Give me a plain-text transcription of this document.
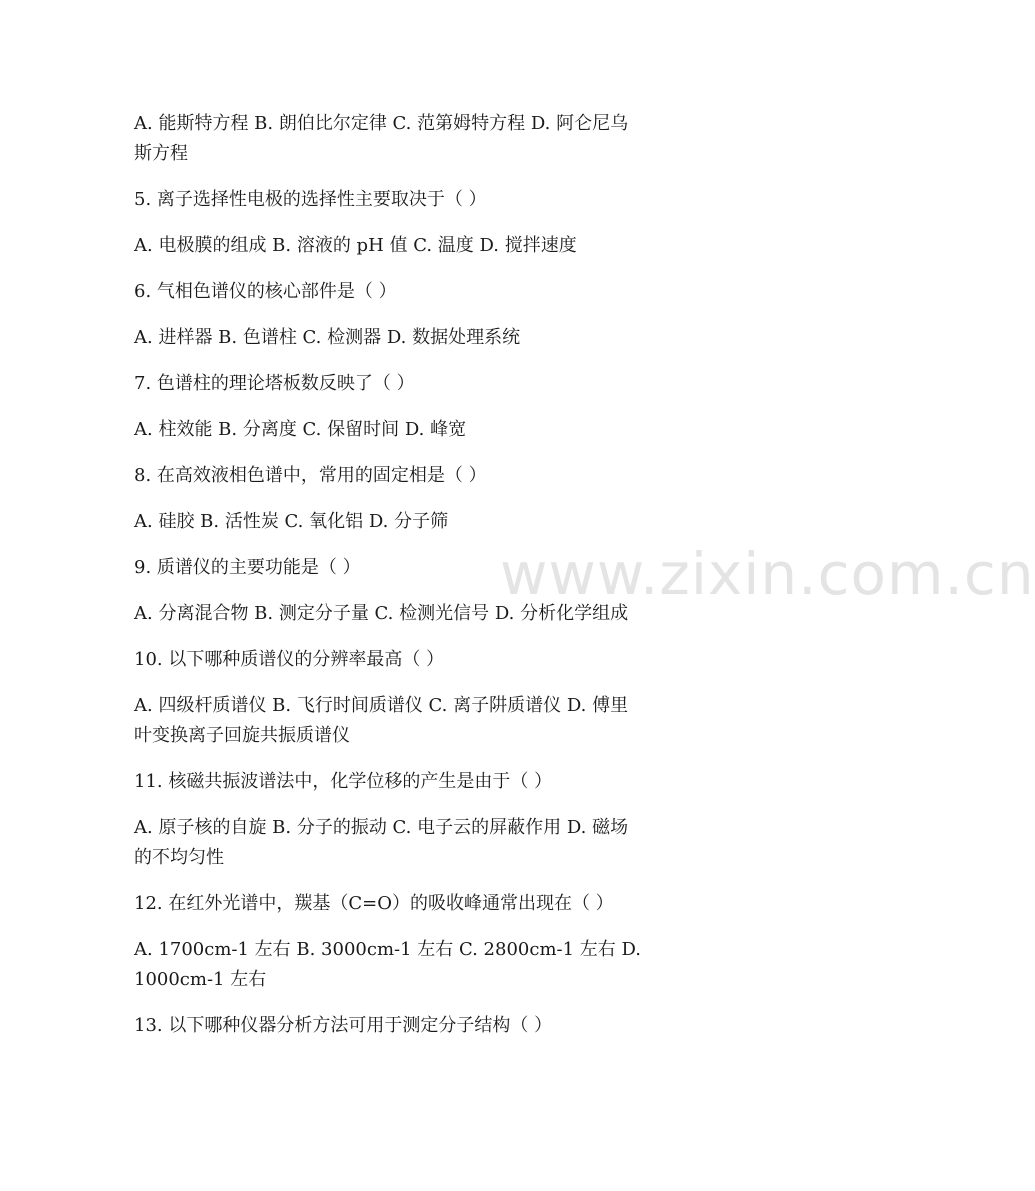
www.zixin.com.cn

A. 能斯特方程 B. 朗伯比尔定律 C. 范第姆特方程 D. 阿仑尼乌

斯方程

5. 离子选择性电极的选择性主要取决于（ ）

A. 电极膜的组成 B. 溶液的 pH 值 C. 温度 D. 搅拌速度

6. 气相色谱仪的核心部件是（ ）

A. 进样器 B. 色谱柱 C. 检测器 D. 数据处理系统

7. 色谱柱的理论塔板数反映了（ ）

A. 柱效能 B. 分离度 C. 保留时间 D. 峰宽

8. 在高效液相色谱中，常用的固定相是（ ）

A. 硅胶 B. 活性炭 C. 氧化铝 D. 分子筛

9. 质谱仪的主要功能是（ ）

A. 分离混合物 B. 测定分子量 C. 检测光信号 D. 分析化学组成

10. 以下哪种质谱仪的分辨率最高（ ）

A. 四级杆质谱仪 B. 飞行时间质谱仪 C. 离子阱质谱仪 D. 傅里

叶变换离子回旋共振质谱仪

11. 核磁共振波谱法中，化学位移的产生是由于（ ）

A. 原子核的自旋 B. 分子的振动 C. 电子云的屏蔽作用 D. 磁场

的不均匀性

12. 在红外光谱中，羰基（C=O）的吸收峰通常出现在（ ）

A. 1700cm-1 左右 B. 3000cm-1 左右 C. 2800cm-1 左右 D.

1000cm-1 左右

13. 以下哪种仪器分析方法可用于测定分子结构（ ）
